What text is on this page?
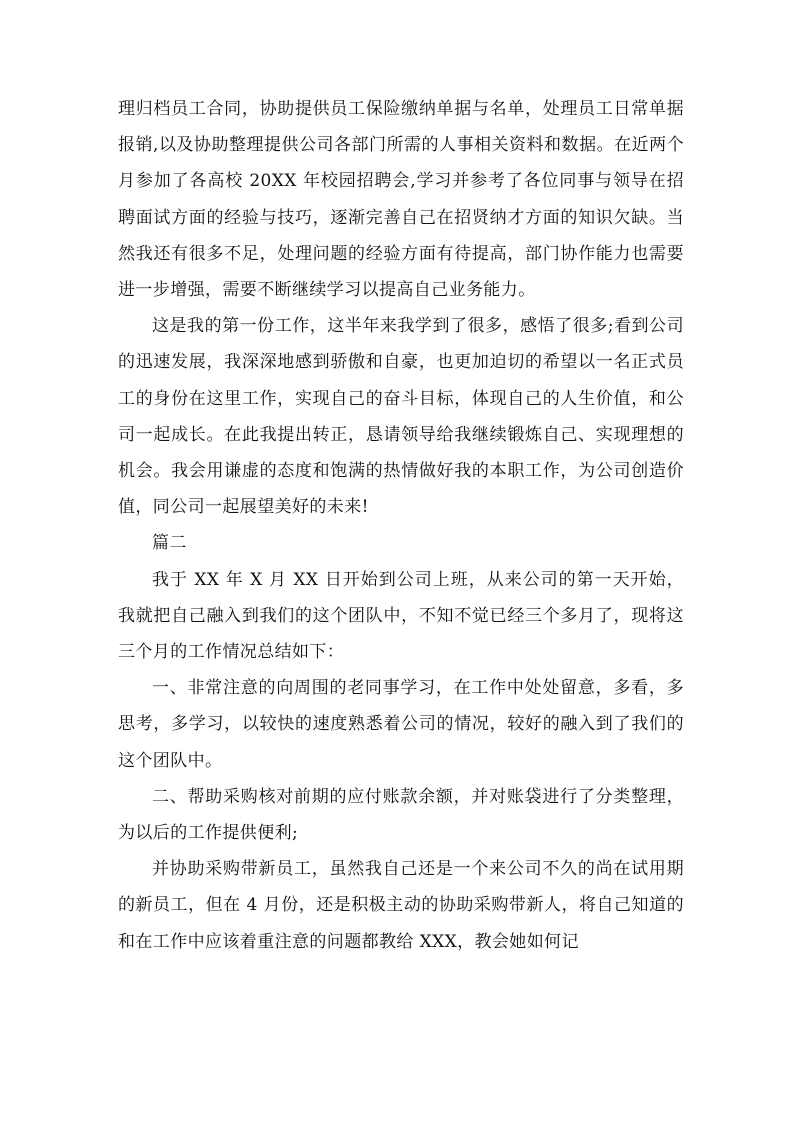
理归档员工合同，协助提供员工保险缴纳单据与名单，处理员工日常单据报销,以及协助整理提供公司各部门所需的人事相关资料和数据。在近两个月参加了各高校 20XX 年校园招聘会,学习并参考了各位同事与领导在招聘面试方面的经验与技巧，逐渐完善自己在招贤纳才方面的知识欠缺。当然我还有很多不足，处理问题的经验方面有待提高，部门协作能力也需要进一步增强，需要不断继续学习以提高自己业务能力。

这是我的第一份工作，这半年来我学到了很多，感悟了很多;看到公司的迅速发展，我深深地感到骄傲和自豪，也更加迫切的希望以一名正式员工的身份在这里工作，实现自己的奋斗目标，体现自己的人生价值，和公司一起成长。在此我提出转正，恳请领导给我继续锻炼自己、实现理想的机会。我会用谦虚的态度和饱满的热情做好我的本职工作，为公司创造价值，同公司一起展望美好的未来!

篇二

我于 XX 年 X 月 XX 日开始到公司上班，从来公司的第一天开始，我就把自己融入到我们的这个团队中，不知不觉已经三个多月了，现将这三个月的工作情况总结如下：

一、非常注意的向周围的老同事学习，在工作中处处留意，多看，多思考，多学习，以较快的速度熟悉着公司的情况，较好的融入到了我们的这个团队中。

二、帮助采购核对前期的应付账款余额，并对账袋进行了分类整理，为以后的工作提供便利;

并协助采购带新员工，虽然我自己还是一个来公司不久的尚在试用期的新员工，但在 4 月份，还是积极主动的协助采购带新人，将自己知道的和在工作中应该着重注意的问题都教给 XXX，教会她如何记
